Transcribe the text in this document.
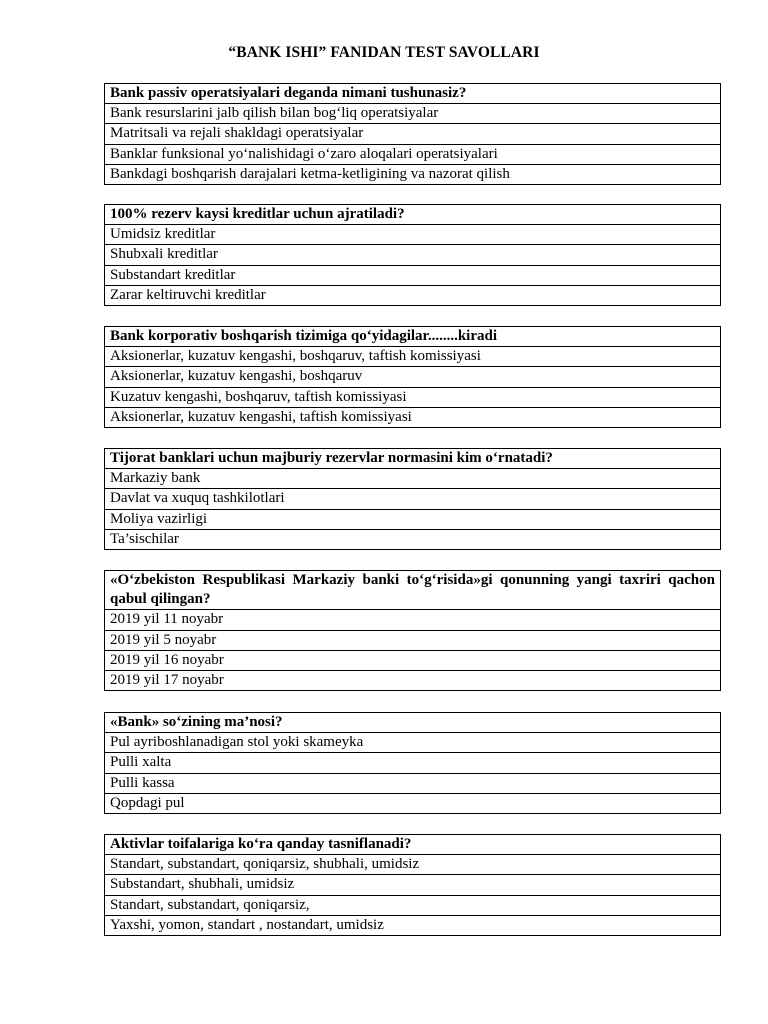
“BANK ISHI” FANIDAN TEST SAVOLLARI
Bank passiv operatsiyalari deganda nimani tushunasiz?
Bank resurslarini jalb qilish bilan bog‘liq operatsiyalar
Matritsali va rejali shakldagi operatsiyalar
Banklar funksional yo‘nalishidagi o‘zaro aloqalari operatsiyalari
Bankdagi boshqarish darajalari ketma-ketligining va nazorat qilish
100% rezerv kaysi kreditlar uchun ajratiladi?
Umidsiz kreditlar
Shubxali kreditlar
Substandart kreditlar
Zarar keltiruvchi kreditlar
Bank korporativ boshqarish tizimiga qo‘yidagilar........kiradi
Aksionerlar, kuzatuv kengashi, boshqaruv, taftish komissiyasi
Aksionerlar, kuzatuv kengashi, boshqaruv
Kuzatuv kengashi, boshqaruv, taftish komissiyasi
Aksionerlar, kuzatuv kengashi, taftish komissiyasi
Tijorat banklari uchun majburiy rezervlar normasini kim o‘rnatadi?
Markaziy bank
Davlat va xuquq tashkilotlari
Moliya vazirligi
Ta’sischilar
«O‘zbekiston Respublikasi Markaziy banki to‘g‘risida»gi qonunning yangi taxriri qachon qabul qilingan?
2019 yil 11 noyabr
2019 yil 5 noyabr
2019 yil 16 noyabr
2019 yil 17 noyabr
«Bank» so‘zining ma’nosi?
Pul ayriboshlanadigan stol yoki skameyka
Pulli xalta
Pulli kassa
Qopdagi pul
Aktivlar toifalariga ko‘ra qanday tasniflanadi?
Standart, substandart, qoniqarsiz, shubhali, umidsiz
Substandart, shubhali, umidsiz
Standart, substandart, qoniqarsiz,
Yaxshi, yomon, standart , nostandart, umidsiz
